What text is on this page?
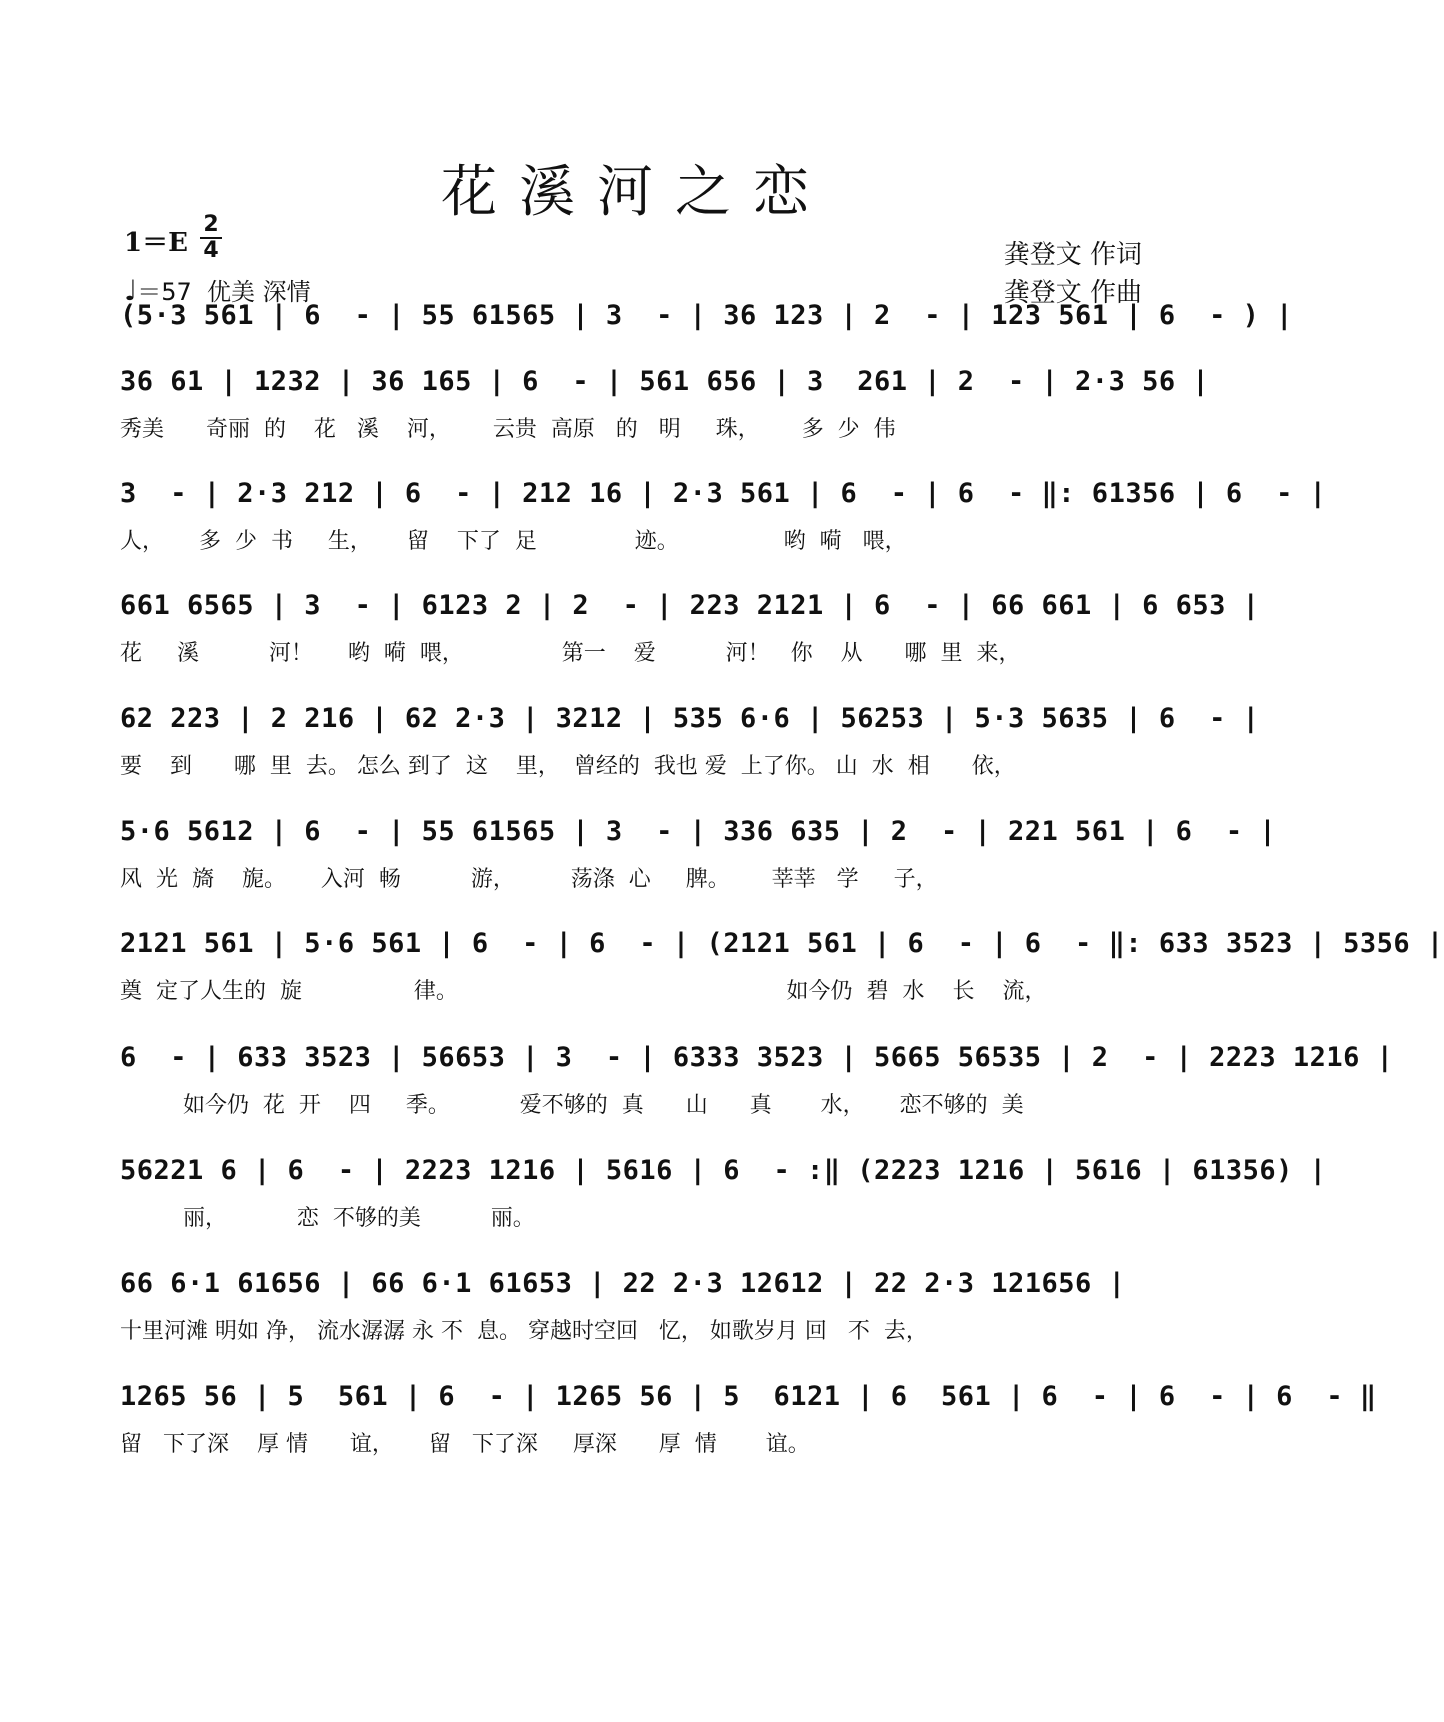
花溪河之恋
1＝E
2
4
♩＝57 优美 深情
龚登文 作词
龚登文 作曲
(5·3 561 | 6  - | 55 61565 | 3  - | 36 123 | 2  - | 123 561 | 6  - ) |
36 61 | 1232 | 36 165 | 6  - | 561 656 | 3  261 | 2  - | 2·3 56 |
秀美      奇丽  的    花   溪    河，      云贵  高原   的   明     珠，      多  少  伟
3  - | 2·3 212 | 6  - | 212 16 | 2·3 561 | 6  - | 6  - ‖: 61356 | 6  - |
人，     多  少  书     生，     留    下了  足              迹。               哟  嗬   喂，
661 6565 | 3  - | 6123 2 | 2  - | 223 2121 | 6  - | 66 661 | 6 653 |
花     溪          河！     哟  嗬  喂，              第一    爱          河！   你    从      哪  里  来，
62 223 | 2 216 | 62 2·3 | 3212 | 535 6·6 | 56253 | 5·3 5635 | 6  - |
要    到      哪  里  去。 怎么 到了  这    里，  曾经的  我也 爱  上了你。 山  水  相      依，
5·6 5612 | 6  - | 55 61565 | 3  - | 336 635 | 2  - | 221 561 | 6  - |
风  光  旖    旎。     入河  畅          游，        荡涤  心     脾。      莘莘   学     子，
2121 561 | 5·6 561 | 6  - | 6  - | (2121 561 | 6  - | 6  - ‖: 633 3523 | 5356 |
奠  定了人生的  旋                律。                                               如今仍  碧  水    长    流，
6  - | 633 3523 | 56653 | 3  - | 6333 3523 | 5665 56535 | 2  - | 2223 1216 |
如今仍  花  开    四     季。          爱不够的  真      山      真       水，     恋不够的  美
56221 6 | 6  - | 2223 1216 | 5616 | 6  - :‖ (2223 1216 | 5616 | 61356) |
丽，          恋  不够的美          丽。
66 6·1 61656 | 66 6·1 61653 | 22 2·3 12612 | 22 2·3 121656 |
十里河滩 明如 净， 流水潺潺 永 不  息。 穿越时空回   忆， 如歌岁月 回   不  去，
1265 56 | 5  561 | 6  - | 1265 56 | 5  6121 | 6  561 | 6  - | 6  - | 6  - ‖
留   下了深    厚 情      谊，     留   下了深     厚深      厚  情       谊。
